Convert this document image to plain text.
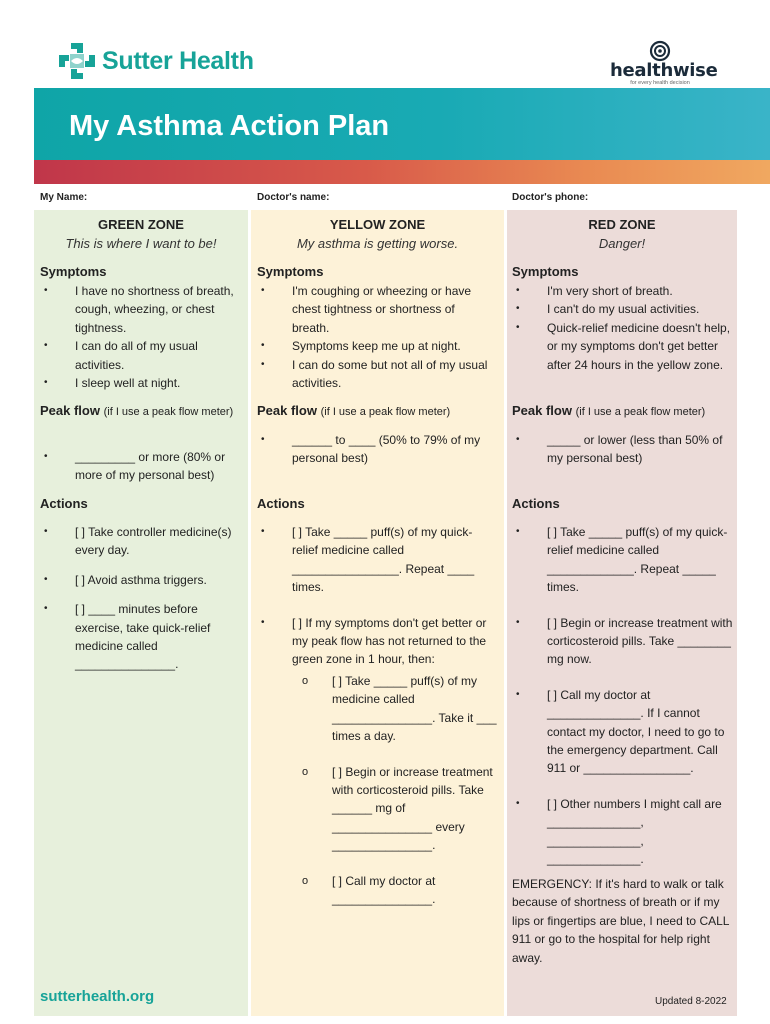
Sutter Health	healthwise
for every health decision
My Asthma Action Plan
My Name:	Doctor's name:	Doctor's phone:
GREEN ZONE
This is where I want to be!
YELLOW ZONE
My asthma is getting worse.
RED ZONE
Danger!
Symptoms
• I have no shortness of breath, cough, wheezing, or chest tightness.
• I can do all of my usual activities.
• I sleep well at night.
Symptoms
• I'm coughing or wheezing or have chest tightness or shortness of breath.
• Symptoms keep me up at night.
• I can do some but not all of my usual activities.
Symptoms
• I'm very short of breath.
• I can't do my usual activities.
• Quick-relief medicine doesn't help, or my symptoms don't get better after 24 hours in the yellow zone.
Peak flow (if I use a peak flow meter)	Peak flow (if I use a peak flow meter)	Peak flow (if I use a peak flow meter)
• _________ or more (80% or more of my personal best)
• ______ to ____ (50% to 79% of my personal best)
• _____ or lower (less than 50% of my personal best)
Actions	Actions	Actions
• [ ] Take controller medicine(s) every day.
• [ ] Avoid asthma triggers.
• [ ] ____ minutes before exercise, take quick-relief medicine called _______________.
• [ ] Take _____ puff(s) of my quick-relief medicine called ________________. Repeat ____ times.
• [ ] If my symptoms don't get better or my peak flow has not returned to the green zone in 1 hour, then:
o [ ] Take _____ puff(s) of my medicine called _______________. Take it ___ times a day.
o [ ] Begin or increase treatment with corticosteroid pills. Take ______ mg of _______________ every _______________.
o [ ] Call my doctor at _______________.
• [ ] Take _____ puff(s) of my quick-relief medicine called _____________. Repeat _____ times.
• [ ] Begin or increase treatment with corticosteroid pills. Take ________ mg now.
• [ ] Call my doctor at ______________. If I cannot contact my doctor, I need to go to the emergency department. Call 911 or ________________.
• [ ] Other numbers I might call are ______________, ______________, ______________.
EMERGENCY: If it's hard to walk or talk because of shortness of breath or if my lips or fingertips are blue, I need to CALL 911 or go to the hospital for help right away.
sutterhealth.org	Updated 8-2022
